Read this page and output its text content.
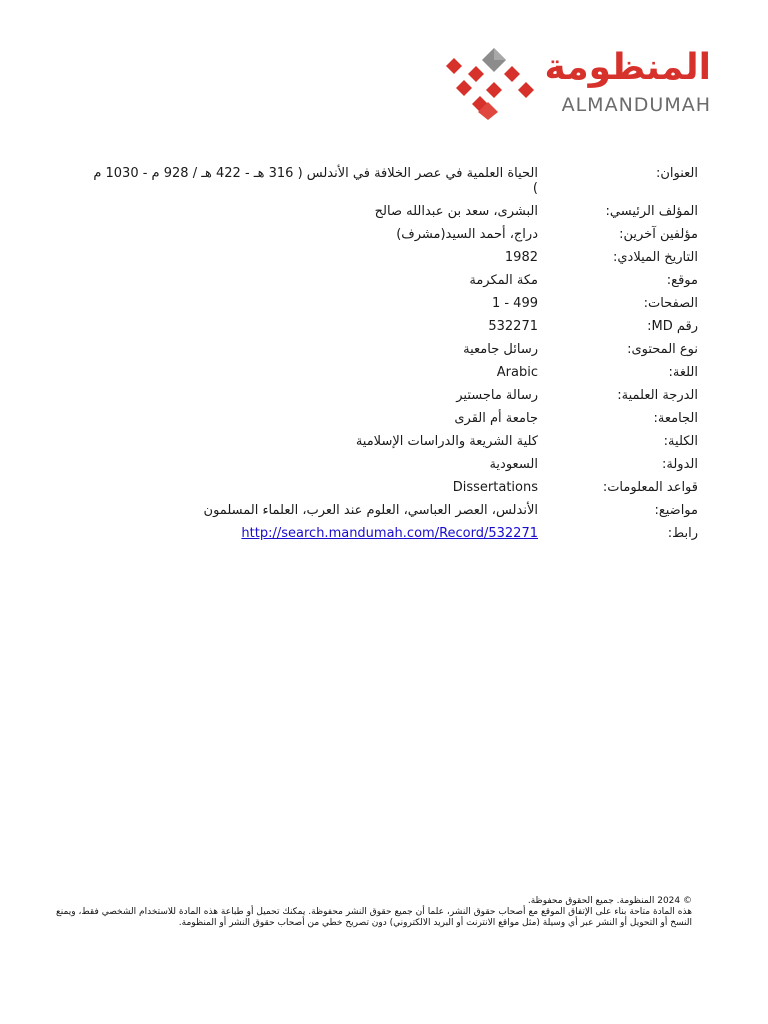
المنظومة
ALMANDUMAH
العنوان:
الحياة العلمية في عصر الخلافة في الأندلس ( 316 هـ - 422 هـ / 928 م - 1030 م )
المؤلف الرئيسي:
البشرى، سعد بن عبدالله صالح
مؤلفين آخرين:
دراج، أحمد السيد(مشرف)
التاريخ الميلادي:
1982
موقع:
مكة المكرمة
الصفحات:
1 - 499
رقم MD:
532271
نوع المحتوى:
رسائل جامعية
اللغة:
Arabic
الدرجة العلمية:
رسالة ماجستير
الجامعة:
جامعة أم القرى
الكلية:
كلية الشريعة والدراسات الإسلامية
الدولة:
السعودية
قواعد المعلومات:
Dissertations
مواضيع:
الأندلس، العصر العباسي، العلوم عند العرب، العلماء المسلمون
رابط:
http://search.mandumah.com/Record/532271

© 2024 المنظومة. جميع الحقوق محفوظة.

هذه المادة متاحة بناء على الإتفاق الموقع مع أصحاب حقوق النشر، علما أن جميع حقوق النشر محفوظة. يمكنك تحميل أو طباعة هذه المادة للاستخدام الشخصي فقط، ويمنع النسخ أو التحويل أو النشر عبر أي وسيلة (مثل مواقع الانترنت أو البريد الالكتروني) دون تصريح خطي من أصحاب حقوق النشر أو المنظومة.
